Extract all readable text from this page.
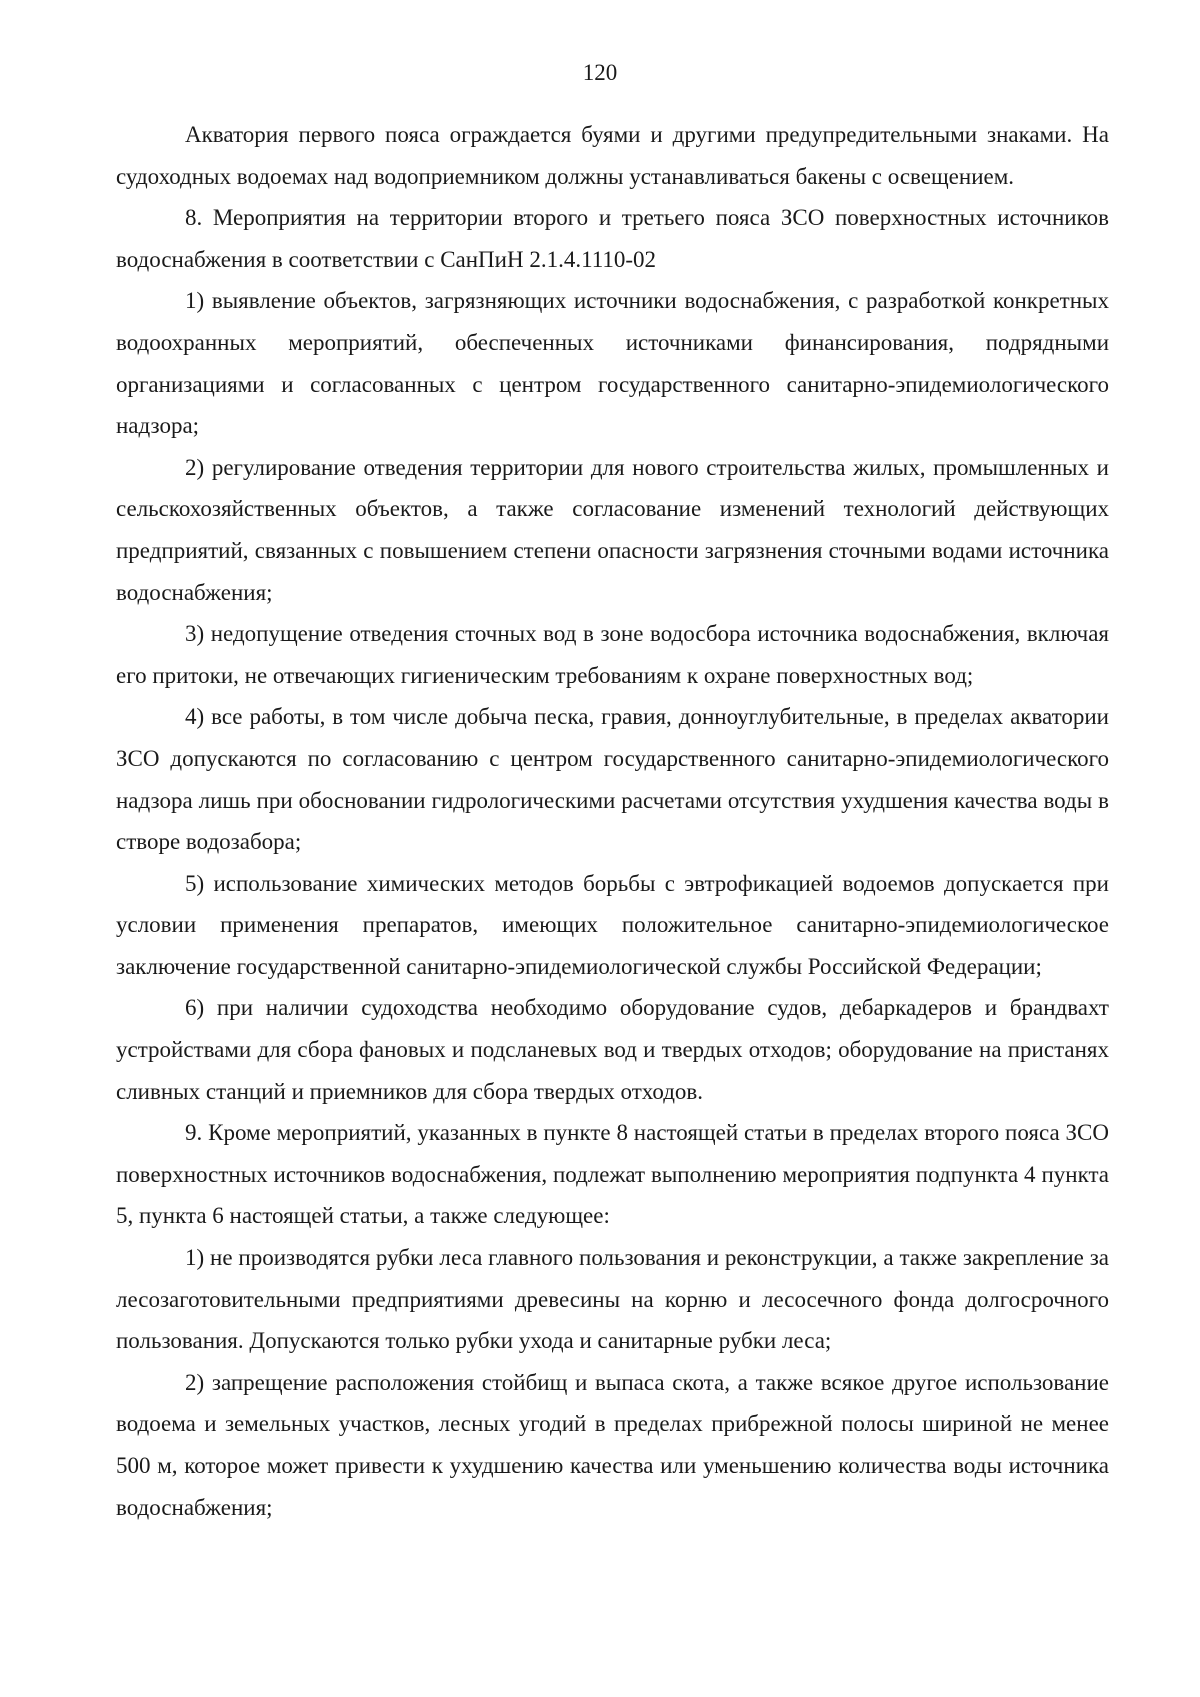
120

Акватория первого пояса ограждается буями и другими предупредительными знаками. На судоходных водоемах над водоприемником должны устанавливаться бакены с освещением.

8. Мероприятия на территории второго и третьего пояса ЗСО поверхностных источников водоснабжения в соответствии с СанПиН 2.1.4.1110-02

1) выявление объектов, загрязняющих источники водоснабжения, с разработкой конкретных водоохранных мероприятий, обеспеченных источниками финансирования, подрядными организациями и согласованных с центром государственного санитарно-эпидемиологического надзора;

2) регулирование отведения территории для нового строительства жилых, промышленных и сельскохозяйственных объектов, а также согласование изменений технологий действующих предприятий, связанных с повышением степени опасности загрязнения сточными водами источника водоснабжения;

3) недопущение отведения сточных вод в зоне водосбора источника водоснабжения, включая его притоки, не отвечающих гигиеническим требованиям к охране поверхностных вод;

4) все работы, в том числе добыча песка, гравия, донноуглубительные, в пределах акватории ЗСО допускаются по согласованию с центром государственного санитарно-эпидемиологического надзора лишь при обосновании гидрологическими расчетами отсутствия ухудшения качества воды в створе водозабора;

5) использование химических методов борьбы с эвтрофикацией водоемов допускается при условии применения препаратов, имеющих положительное санитарно-эпидемиологическое заключение государственной санитарно-эпидемиологической службы Российской Федерации;

6) при наличии судоходства необходимо оборудование судов, дебаркадеров и брандвахт устройствами для сбора фановых и подсланевых вод и твердых отходов; оборудование на пристанях сливных станций и приемников для сбора твердых отходов.

9. Кроме мероприятий, указанных в пункте 8 настоящей статьи в пределах второго пояса ЗСО поверхностных источников водоснабжения, подлежат выполнению мероприятия подпункта 4 пункта 5, пункта 6 настоящей статьи, а также следующее:

1) не производятся рубки леса главного пользования и реконструкции, а также закрепление за лесозаготовительными предприятиями древесины на корню и лесосечного фонда долгосрочного пользования. Допускаются только рубки ухода и санитарные рубки леса;

2) запрещение расположения стойбищ и выпаса скота, а также всякое другое использование водоема и земельных участков, лесных угодий в пределах прибрежной полосы шириной не менее 500 м, которое может привести к ухудшению качества или уменьшению количества воды источника водоснабжения;
